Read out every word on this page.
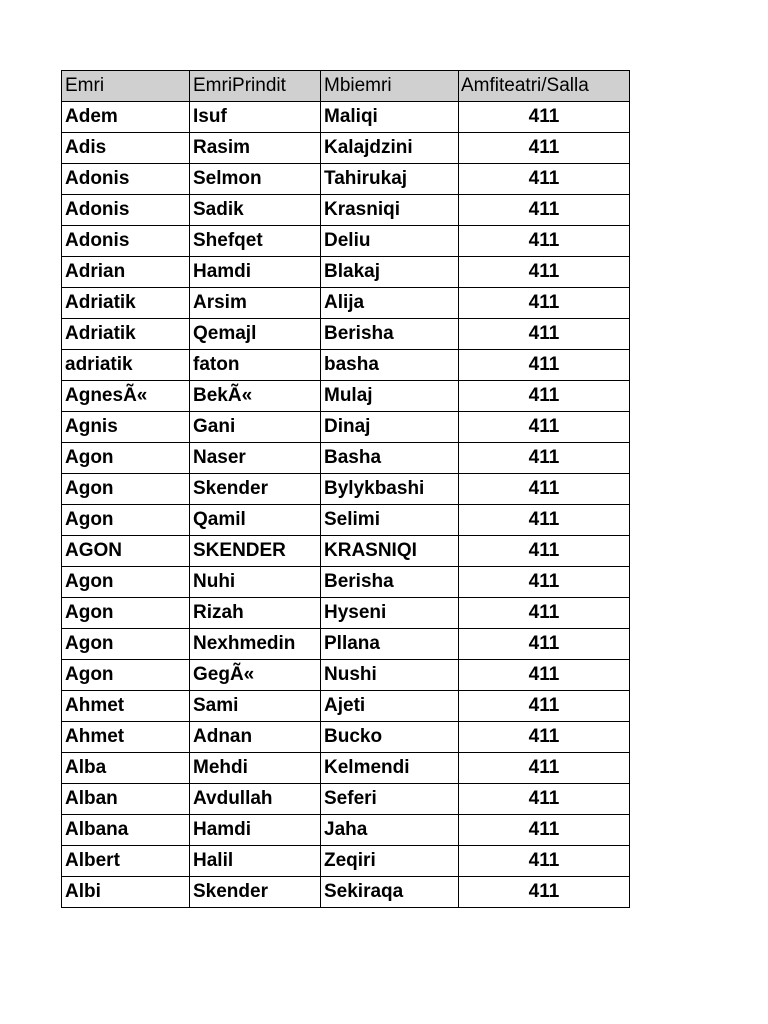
Emri	EmriPrindit	Mbiemri	Amfiteatri/Salla
Adem	Isuf	Maliqi	411
Adis	Rasim	Kalajdzini	411
Adonis	Selmon	Tahirukaj	411
Adonis	Sadik	Krasniqi	411
Adonis	Shefqet	Deliu	411
Adrian	Hamdi	Blakaj	411
Adriatik	Arsim	Alija	411
Adriatik	Qemajl	Berisha	411
adriatik	faton	basha	411
AgnesÃ«	BekÃ«	Mulaj	411
Agnis	Gani	Dinaj	411
Agon	Naser	Basha	411
Agon	Skender	Bylykbashi	411
Agon	Qamil	Selimi	411
AGON	SKENDER	KRASNIQI	411
Agon	Nuhi	Berisha	411
Agon	Rizah	Hyseni	411
Agon	Nexhmedin	Pllana	411
Agon	GegÃ«	Nushi	411
Ahmet	Sami	Ajeti	411
Ahmet	Adnan	Bucko	411
Alba	Mehdi	Kelmendi	411
Alban	Avdullah	Seferi	411
Albana	Hamdi	Jaha	411
Albert	Halil	Zeqiri	411
Albi	Skender	Sekiraqa	411
